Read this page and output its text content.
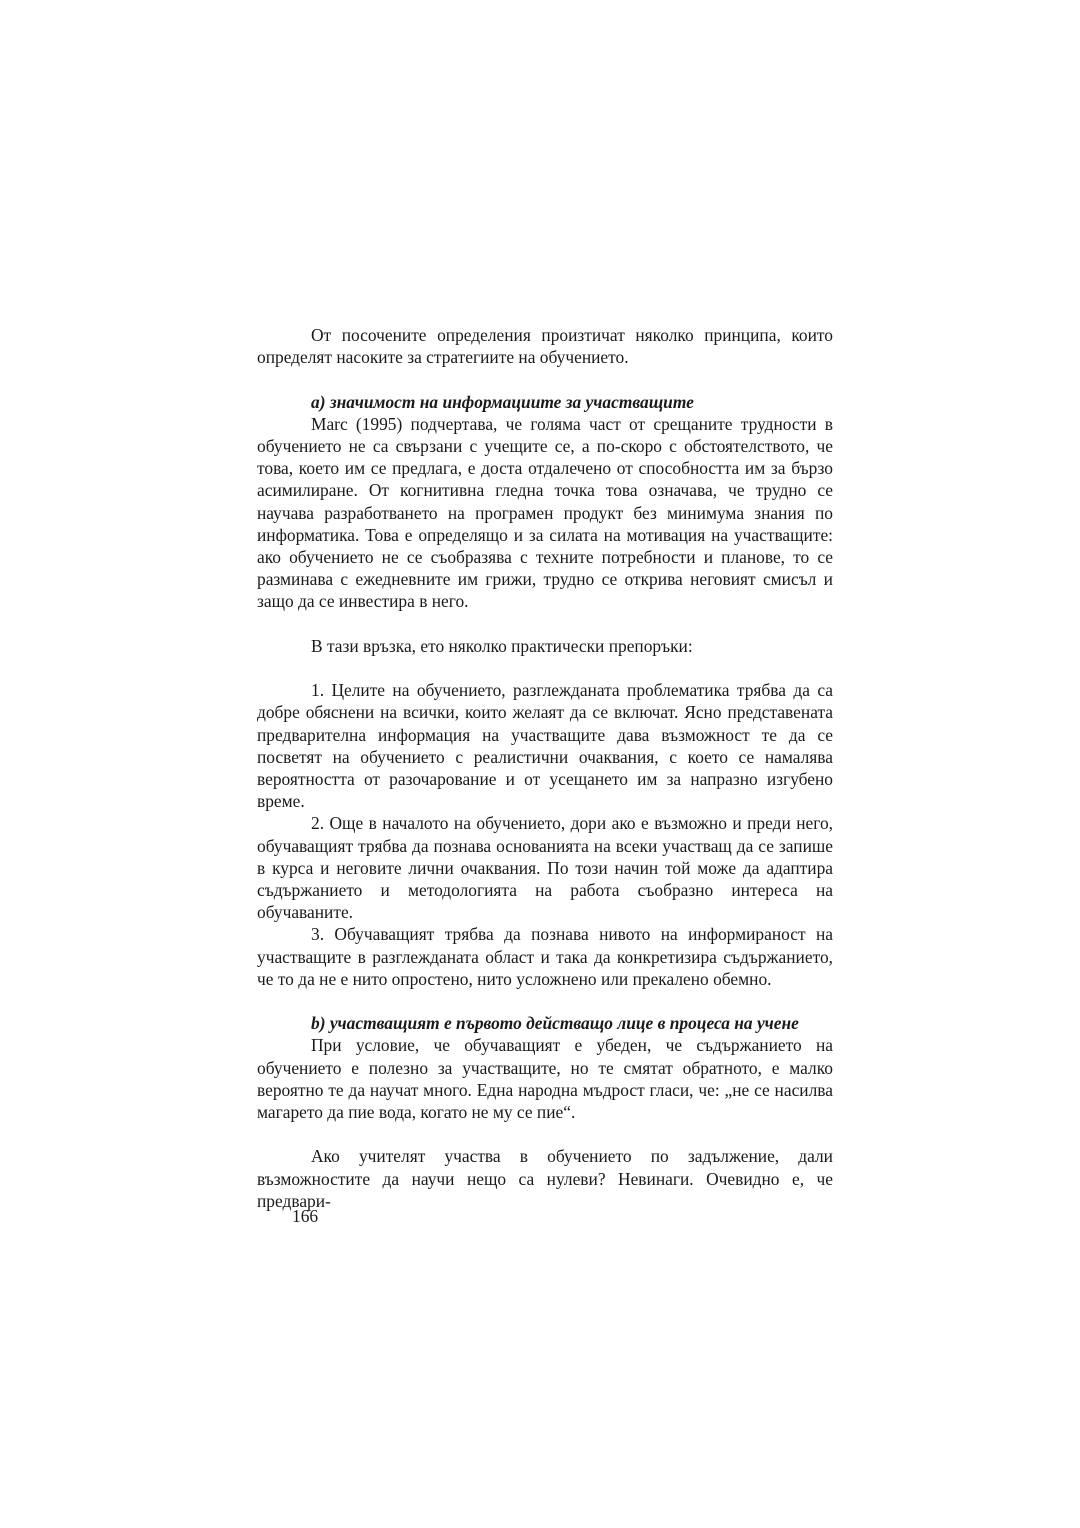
От посочените определения произтичат няколко принципа, които определят насоките за стратегиите на обучението.

a) значимост на информациите за участващите

Marc (1995) подчертава, че голяма част от срещаните трудности в обучението не са свързани с учещите се, а по-скоро с обстоятелството, че това, което им се предлага, е доста отдалечено от способността им за бързо асимилиране. От когнитивна гледна точка това означава, че трудно се научава разработването на програмен продукт без минимума знания по информатика. Това е определящо и за силата на мотивация на участващите: ако обучението не се съобразява с техните потребности и планове, то се разминава с ежедневните им грижи, трудно се открива неговият смисъл и защо да се инвестира в него.

В тази връзка, ето няколко практически препоръки:

1. Целите на обучението, разглежданата проблематика трябва да са добре обяснени на всички, които желаят да се включат. Ясно представената предварителна информация на участващите дава възможност те да се посветят на обучението с реалистични очаквания, с което се намалява вероятността от разочарование и от усещането им за напразно изгубено време.

2. Още в началото на обучението, дори ако е възможно и преди него, обучаващият трябва да познава основанията на всеки участващ да се запише в курса и неговите лични очаквания. По този начин той може да адаптира съдържанието и методологията на работа съобразно интереса на обучаваните.

3. Обучаващият трябва да познава нивото на информираност на участващите в разглежданата област и така да конкретизира съдържанието, че то да не е нито опростено, нито усложнено или прекалено обемно.

b) участващият е първото действащо лице в процеса на учене

При условие, че обучаващият е убеден, че съдържанието на обучението е полезно за участващите, но те смятат обратното, е малко вероятно те да научат много. Една народна мъдрост гласи, че: „не се насилва магарето да пие вода, когато не му се пие“.

Ако учителят участва в обучението по задължение, дали възможностите да научи нещо са нулеви? Невинаги. Очевидно е, че предвари-

166
